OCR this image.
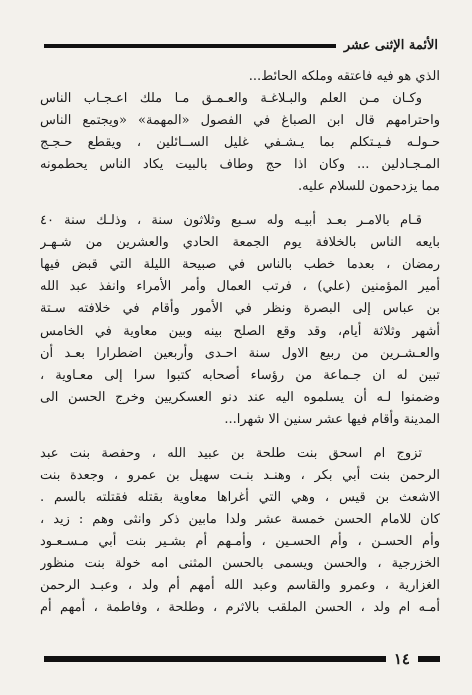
الأئمة الإثنى عشر
الذي هو فيه فاعتقه وملكه الحائط...
وكـان مـن العلم والبـلاغـة والعـمـق مـا ملك اعـجـاب الناس
واحترامهم قال ابن الصباغ في الفصول «المهمة» «ويجتمع الناس
حـولـه فـيـتكلم بما يـشـفي غليل الســائلين ، ويقطع حـجـج
المـجـادلين ... وكان اذا حج وطاف بالبيت يكاد الناس يحطمونه
مما يزدحمون للسلام عليه.
قـام بالامـر بعـد أبيـه وله سـبع وثلاثون سنة ، وذلـك سنة ٤٠
بايعه الناس بالخلافة يوم الجمعة الحادي والعشرين من شـهـر
رمضان ، بعدما خطب بالناس في صبيحة الليلة التي قبض فيها
أمير المؤمنين (علي) ، فرتب العمال وأمر الأمراء وانفذ عبد الله
بن عباس إلى البصرة ونظر في الأمور وأقام في خلافته سـتة
أشهر وثلاثة أيام، وقد وقع الصلح بينه وبين معاوية في الخامس
والعـشـرين من ربيع الاول سنة احـدى وأربعين اضطرارا بعـد أن
تبين له ان جـماعة من رؤساء أصحابه كتبوا سرا إلى معـاوية ،
وضمنوا لـه أن يسلموه اليه عند دنو العسكريين وخرج الحسن الى
المدينة وأقام فيها عشر سنين الا شهرا...
تزوج ام اسحق بنت طلحة بن عبيد الله ، وحفصة بنت عبد
الرحمن بنت أبي بكر ، وهنـد بنـت سهيل بن عمرو ، وجعدة بنت
الاشعث بن قيس ، وهي التي أغراها معاوية بقتله فقتلته بالسم .
كان للامام الحسن خمسة عشر ولدا مابين ذكر وانثى وهم : زيد ،
وأم الحسـن ، وأم الحسـين ، وأمـهم أم بشـير بنت أبي مـسـعـود
الخزرجية ، والحسن ويسمى بالحسن المثنى امه خولة بنت منظور
الغزارية ، وعمرو والقاسم وعبد الله أمهم أم ولد ، وعبـد الرحمن
أمـه ام ولد ، الحسن الملقب بالاثرم ، وطلحة ، وفاطمة ، أمهم أم
١٤
